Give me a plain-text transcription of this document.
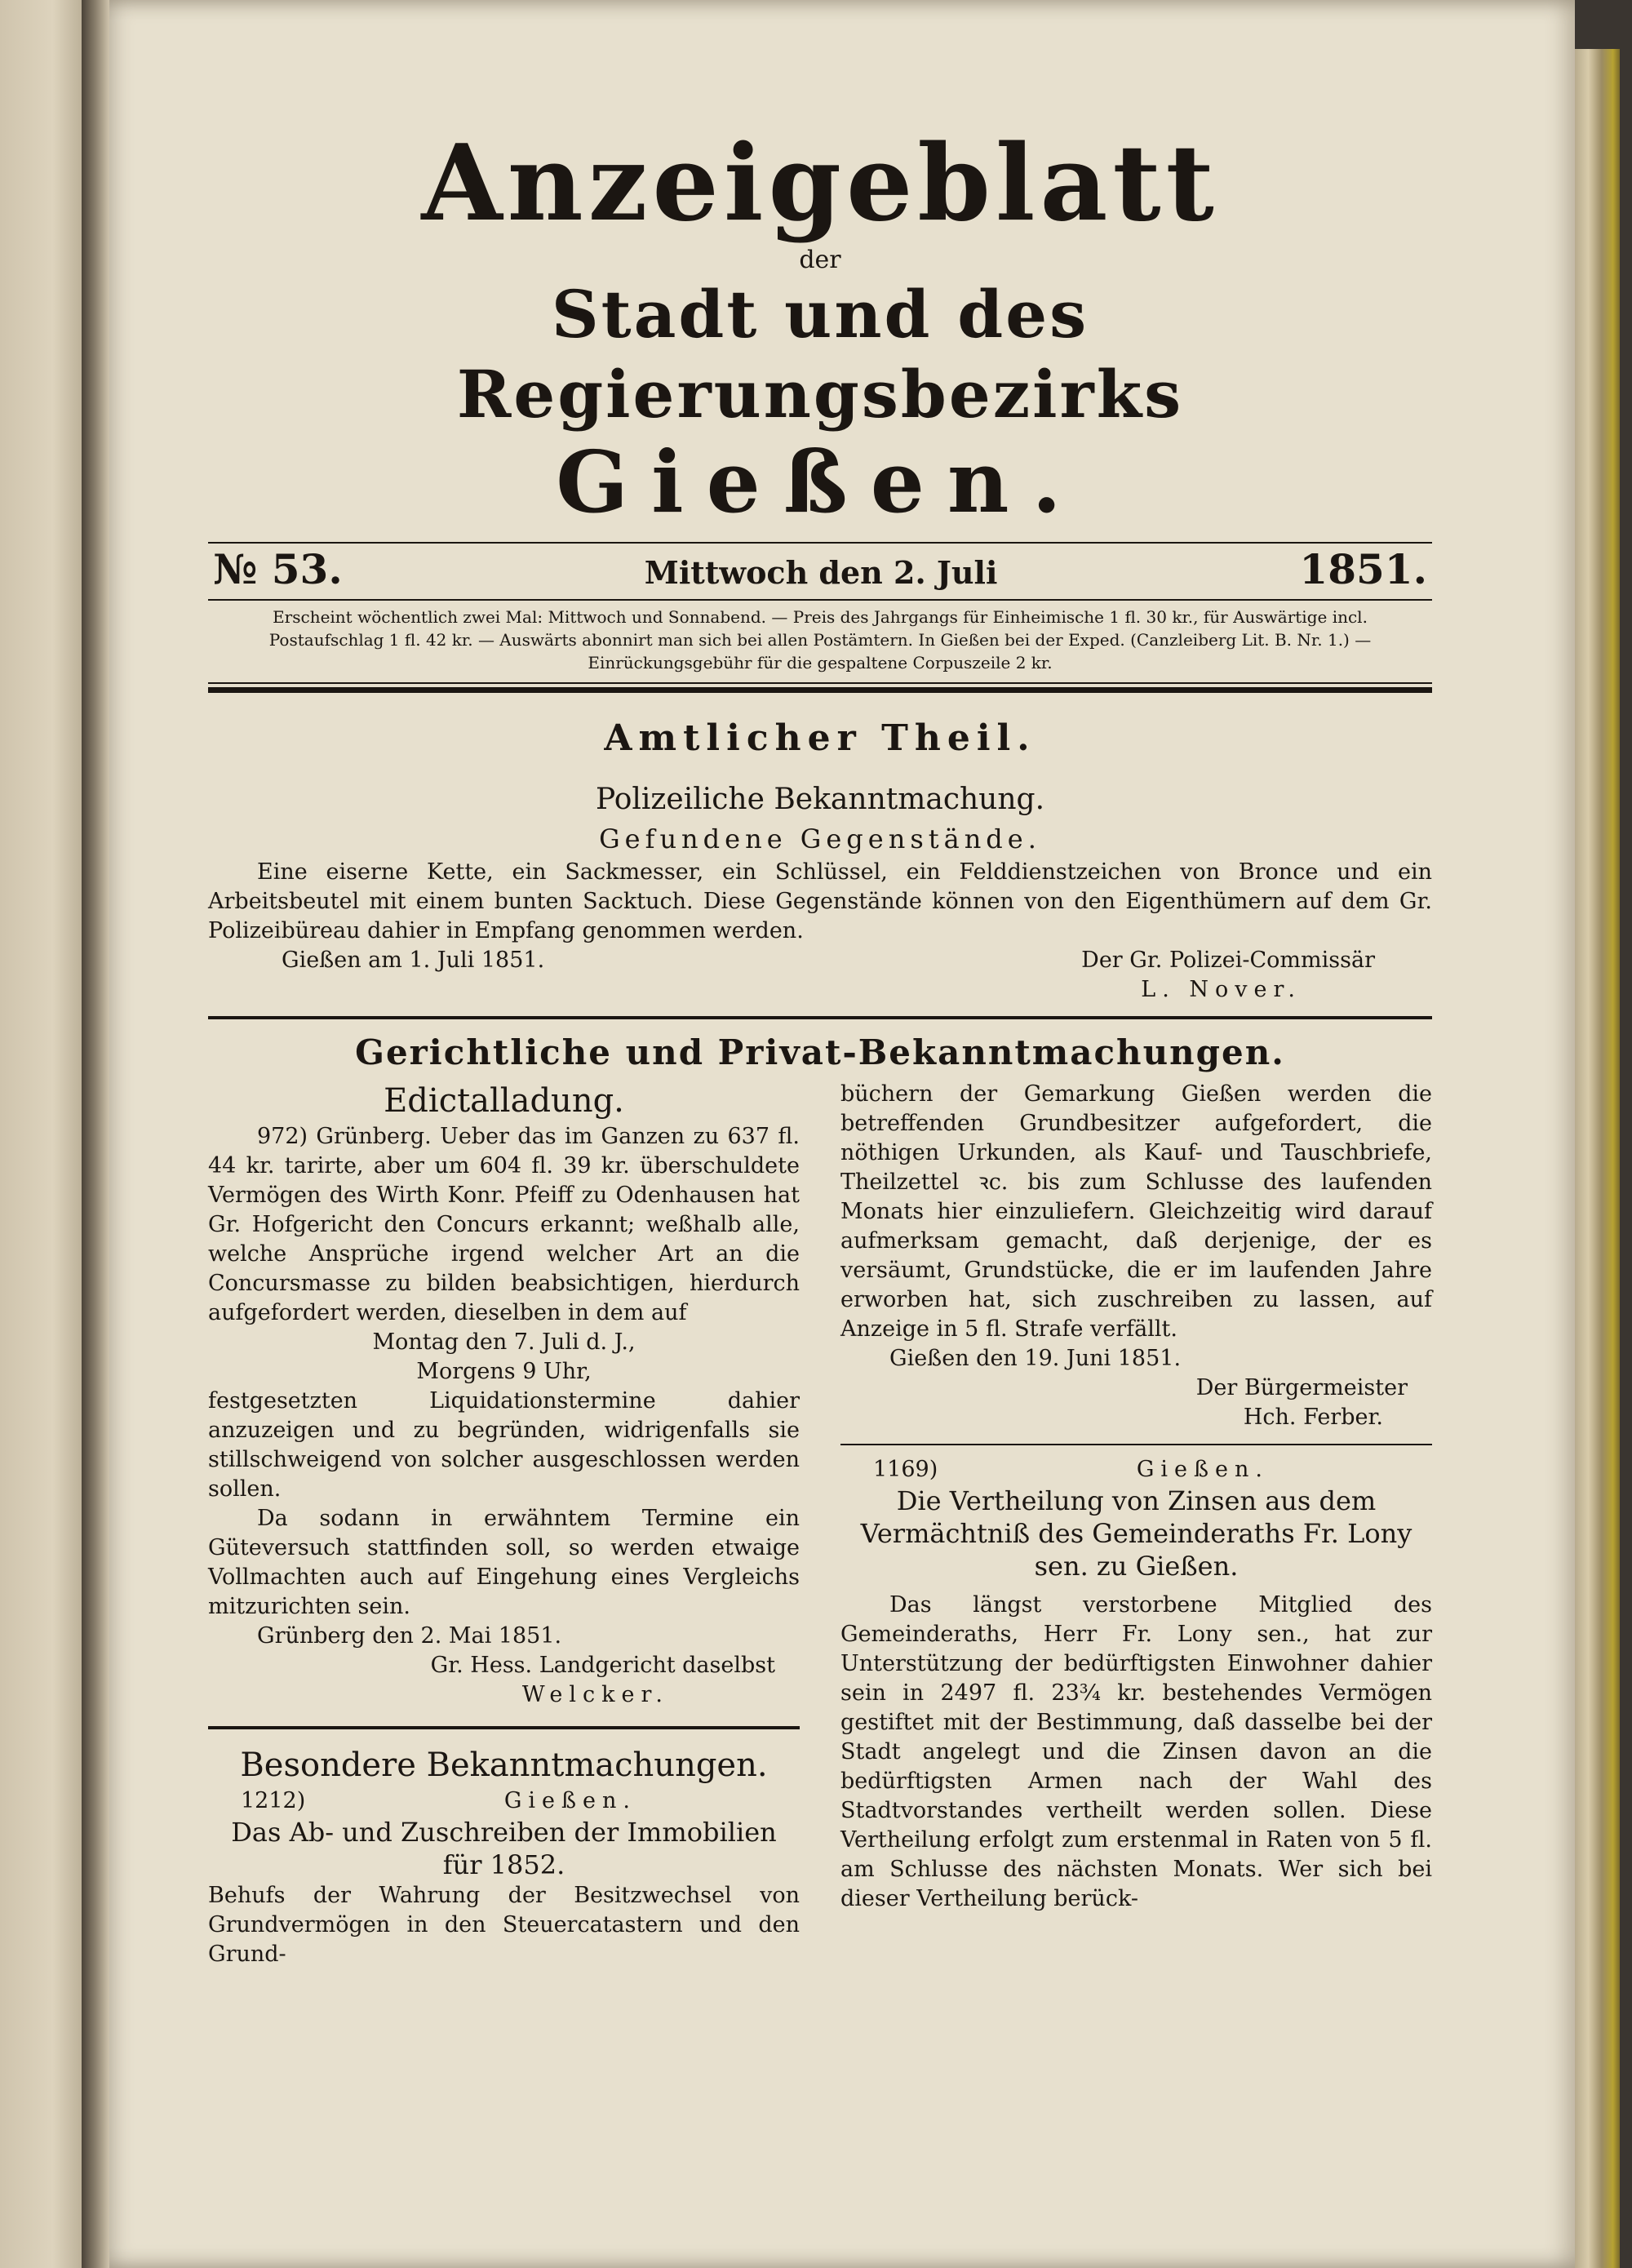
Anzeigeblatt
der
Stadt und des Regierungsbezirks
Gießen.
№ 53.	Mittwoch den 2. Juli	1851.
Erscheint wöchentlich zwei Mal: Mittwoch und Sonnabend. — Preis des Jahrgangs für Einheimische 1 fl. 30 kr., für Auswärtige incl.
Postaufschlag 1 fl. 42 kr. — Auswärts abonnirt man sich bei allen Postämtern. In Gießen bei der Exped. (Canzleiberg Lit. B. Nr. 1.) —
Einrückungsgebühr für die gespaltene Corpuszeile 2 kr.
Amtlicher Theil.
Polizeiliche Bekanntmachung.
Gefundene Gegenstände.
Eine eiserne Kette, ein Sackmesser, ein Schlüssel, ein Felddienstzeichen von Bronce und ein Arbeitsbeutel mit einem bunten Sacktuch. Diese Gegenstände können von den Eigenthümern auf dem Gr. Polizeibüreau dahier in Empfang genommen werden.
Gießen am 1. Juli 1851.	Der Gr. Polizei-Commissär
L. Nover.
Gerichtliche und Privat-Bekanntmachungen.
Edictalladung.
972) Grünberg. Ueber das im Ganzen zu 637 fl. 44 kr. tarirte, aber um 604 fl. 39 kr. überschuldete Vermögen des Wirth Konr. Pfeiff zu Odenhausen hat Gr. Hofgericht den Concurs erkannt; weßhalb alle, welche Ansprüche irgend welcher Art an die Concursmasse zu bilden beabsichtigen, hierdurch aufgefordert werden, dieselben in dem auf
Montag den 7. Juli d. J.,
Morgens 9 Uhr,
festgesetzten Liquidationstermine dahier anzuzeigen und zu begründen, widrigenfalls sie stillschweigend von solcher ausgeschlossen werden sollen.
Da sodann in erwähntem Termine ein Güteversuch stattfinden soll, so werden etwaige Vollmachten auch auf Eingehung eines Vergleichs mitzurichten sein.
Grünberg den 2. Mai 1851.
Gr. Hess. Landgericht daselbst
Welcker.
Besondere Bekanntmachungen.
1212)	Gießen.
Das Ab- und Zuschreiben der Immobilien für 1852.
Behufs der Wahrung der Besitzwechsel von Grundvermögen in den Steuercatastern und den Grund-
büchern der Gemarkung Gießen werden die betreffenden Grundbesitzer aufgefordert, die nöthigen Urkunden, als Kauf- und Tauschbriefe, Theilzettel ꝛc. bis zum Schlusse des laufenden Monats hier einzuliefern. Gleichzeitig wird darauf aufmerksam gemacht, daß derjenige, der es versäumt, Grundstücke, die er im laufenden Jahre erworben hat, sich zuschreiben zu lassen, auf Anzeige in 5 fl. Strafe verfällt.
Gießen den 19. Juni 1851.
Der Bürgermeister
Hch. Ferber.
1169)	Gießen.
Die Vertheilung von Zinsen aus dem Vermächtniß des Gemeinderaths Fr. Lony sen. zu Gießen.
Das längst verstorbene Mitglied des Gemeinderaths, Herr Fr. Lony sen., hat zur Unterstützung der bedürftigsten Einwohner dahier sein in 2497 fl. 23¾ kr. bestehendes Vermögen gestiftet mit der Bestimmung, daß dasselbe bei der Stadt angelegt und die Zinsen davon an die bedürftigsten Armen nach der Wahl des Stadtvorstandes vertheilt werden sollen. Diese Vertheilung erfolgt zum erstenmal in Raten von 5 fl. am Schlusse des nächsten Monats. Wer sich bei dieser Vertheilung berück-
